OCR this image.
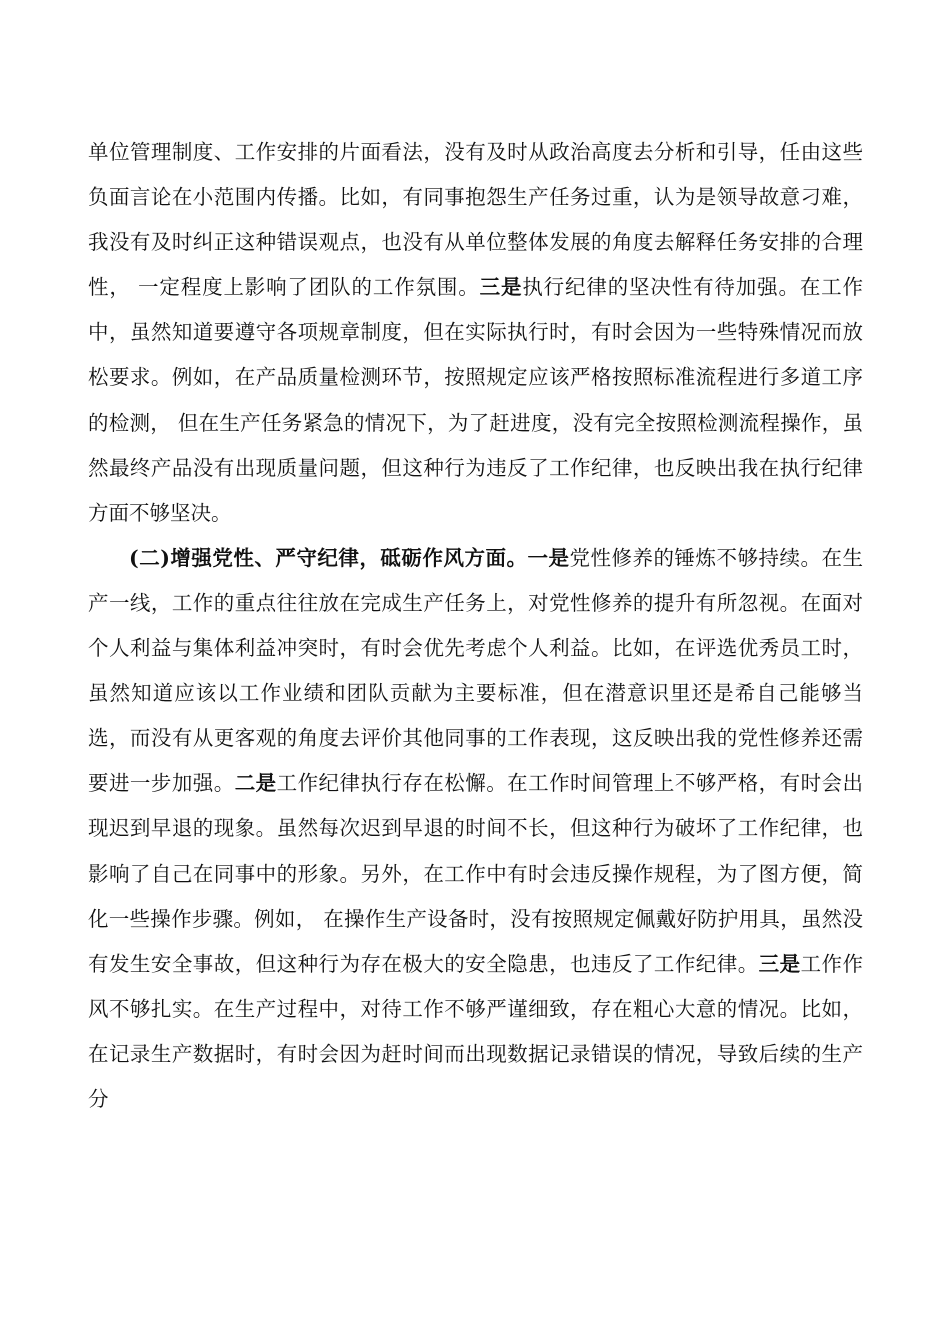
单位管理制度、工作安排的片面看法，没有及时从政治高度去分析和引导，任由这些负面言论在小范围内传播。比如，有同事抱怨生产任务过重，认为是领导故意刁难，我没有及时纠正这种错误观点，也没有从单位整体发展的角度去解释任务安排的合理性， 一定程度上影响了团队的工作氛围。三是执行纪律的坚决性有待加强。在工作中，虽然知道要遵守各项规章制度，但在实际执行时，有时会因为一些特殊情况而放松要求。例如，在产品质量检测环节，按照规定应该严格按照标准流程进行多道工序的检测， 但在生产任务紧急的情况下，为了赶进度，没有完全按照检测流程操作，虽然最终产品没有出现质量问题，但这种行为违反了工作纪律，也反映出我在执行纪律方面不够坚决。

(二)增强党性、严守纪律，砥砺作风方面。一是党性修养的锤炼不够持续。在生产一线，工作的重点往往放在完成生产任务上，对党性修养的提升有所忽视。在面对个人利益与集体利益冲突时，有时会优先考虑个人利益。比如，在评选优秀员工时， 虽然知道应该以工作业绩和团队贡献为主要标准，但在潜意识里还是希自己能够当选，而没有从更客观的角度去评价其他同事的工作表现，这反映出我的党性修养还需要进一步加强。二是工作纪律执行存在松懈。在工作时间管理上不够严格，有时会出现迟到早退的现象。虽然每次迟到早退的时间不长，但这种行为破坏了工作纪律，也影响了自己在同事中的形象。另外，在工作中有时会违反操作规程，为了图方便，简化一些操作步骤。例如， 在操作生产设备时，没有按照规定佩戴好防护用具，虽然没有发生安全事故，但这种行为存在极大的安全隐患，也违反了工作纪律。三是工作作风不够扎实。在生产过程中，对待工作不够严谨细致，存在粗心大意的情况。比如，在记录生产数据时，有时会因为赶时间而出现数据记录错误的情况，导致后续的生产分
